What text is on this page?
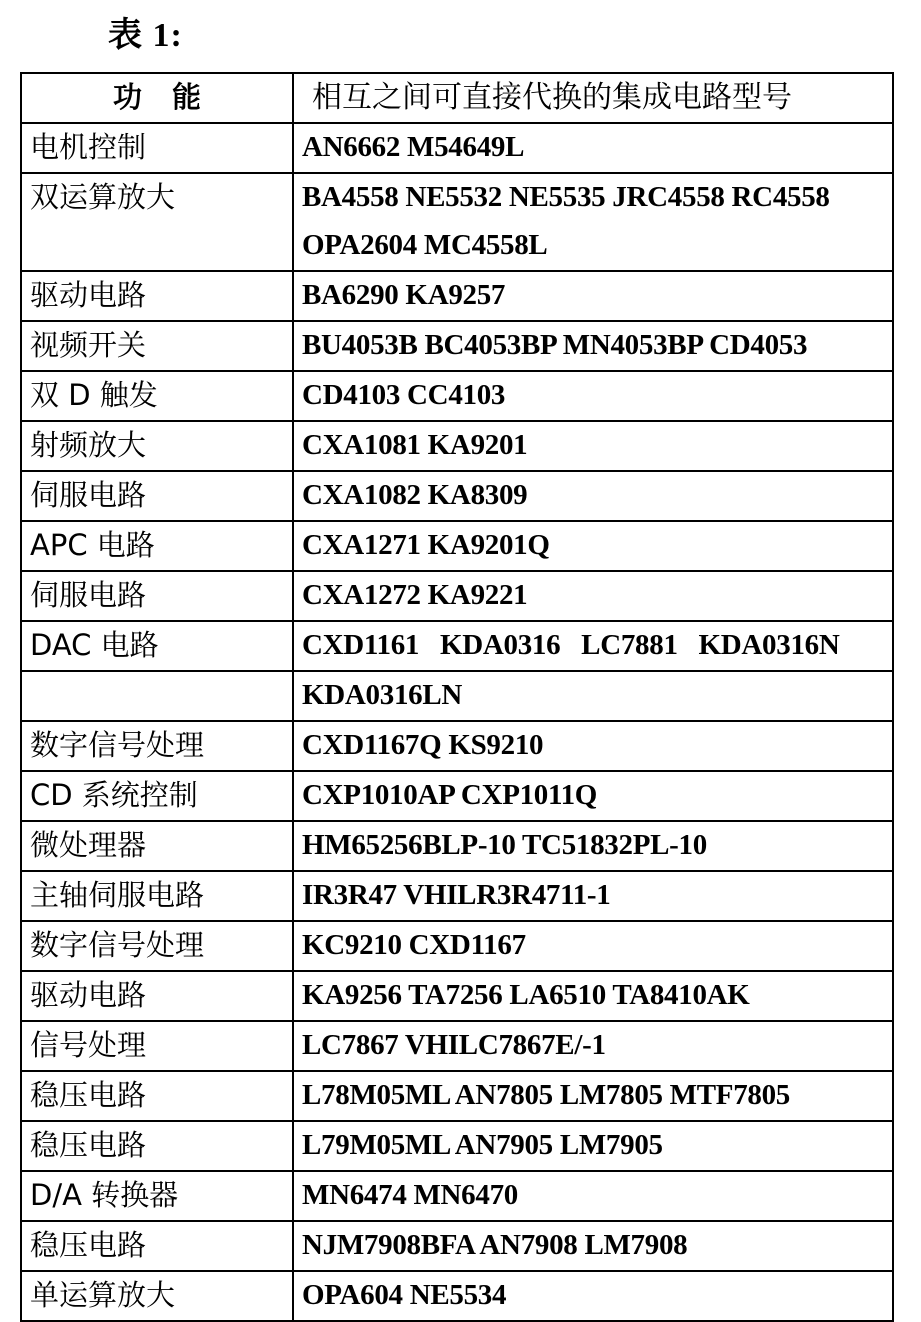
表 1:
功能	相互之间可直接代换的集成电路型号
电机控制	AN6662 M54649L

双运算放大	BA4558 NE5532 NE5535 JRC4558 RC4558
OPA2604 MC4558L

驱动电路	BA6290 KA9257

视频开关	BU4053B BC4053BP MN4053BP CD4053

双 D 触发	CD4103 CC4103

射频放大	CXA1081 KA9201

伺服电路	CXA1082 KA8309

APC 电路	CXA1271 KA9201Q

伺服电路	CXA1272 KA9221

DAC 电路	CXD1161   KDA0316   LC7881   KDA0316N

	KDA0316LN

数字信号处理	CXD1167Q KS9210

CD 系统控制	CXP1010AP CXP1011Q

微处理器	HM65256BLP-10 TC51832PL-10

主轴伺服电路	IR3R47 VHILR3R4711-1

数字信号处理	KC9210 CXD1167

驱动电路	KA9256 TA7256 LA6510 TA8410AK

信号处理	LC7867 VHILC7867E/-1

稳压电路	L78M05ML AN7805 LM7805 MTF7805

稳压电路	L79M05ML AN7905 LM7905

D/A 转换器	MN6474 MN6470

稳压电路	NJM7908BFA AN7908 LM7908

单运算放大	OPA604 NE5534
